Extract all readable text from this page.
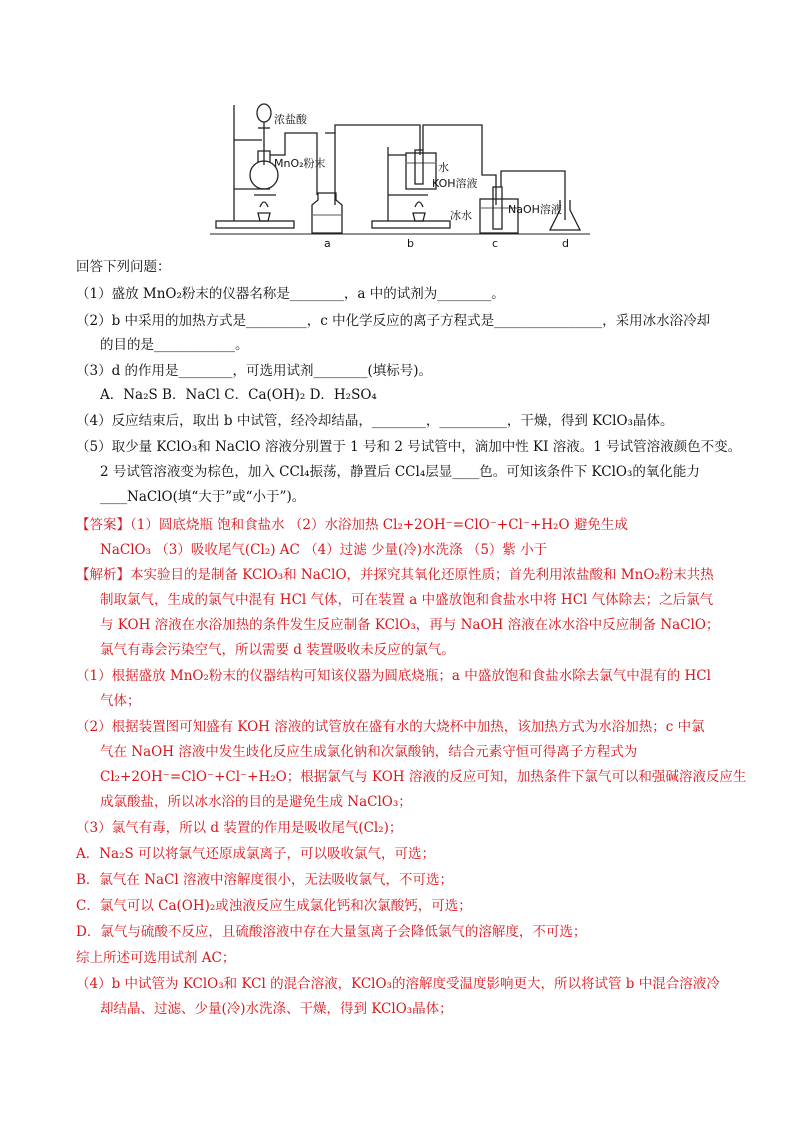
浓盐酸
MnO₂粉末	水
KOH溶液
冰水	NaOH溶液
a	b	c	d
回答下列问题：
（1）盛放 MnO₂粉末的仪器名称是________，a 中的试剂为________。
（2）b 中采用的加热方式是_________，c 中化学反应的离子方程式是________________，采用冰水浴冷却
的目的是____________。
（3）d 的作用是________，可选用试剂________(填标号)。
A．Na₂S B．NaCl C．Ca(OH)₂ D．H₂SO₄
（4）反应结束后，取出 b 中试管，经冷却结晶，________，__________，干燥，得到 KClO₃晶体。
（5）取少量 KClO₃和 NaClO 溶液分别置于 1 号和 2 号试管中，滴加中性 KI 溶液。1 号试管溶液颜色不变。
2 号试管溶液变为棕色，加入 CCl₄振荡，静置后 CCl₄层显____色。可知该条件下 KClO₃的氧化能力
____NaClO(填“大于”或“小于”)。
【答案】（1）圆底烧瓶 饱和食盐水 （2）水浴加热 Cl₂+2OH⁻=ClO⁻+Cl⁻+H₂O 避免生成
NaClO₃ （3）吸收尾气(Cl₂) AC （4）过滤 少量(冷)水洗涤 （5）紫 小于
【解析】本实验目的是制备 KClO₃和 NaClO，并探究其氧化还原性质；首先利用浓盐酸和 MnO₂粉末共热
制取氯气，生成的氯气中混有 HCl 气体，可在装置 a 中盛放饱和食盐水中将 HCl 气体除去；之后氯气
与 KOH 溶液在水浴加热的条件发生反应制备 KClO₃，再与 NaOH 溶液在冰水浴中反应制备 NaClO；
氯气有毒会污染空气，所以需要 d 装置吸收未反应的氯气。
（1）根据盛放 MnO₂粉末的仪器结构可知该仪器为圆底烧瓶；a 中盛放饱和食盐水除去氯气中混有的 HCl
气体；
（2）根据装置图可知盛有 KOH 溶液的试管放在盛有水的大烧杯中加热，该加热方式为水浴加热；c 中氯
气在 NaOH 溶液中发生歧化反应生成氯化钠和次氯酸钠，结合元素守恒可得离子方程式为
Cl₂+2OH⁻=ClO⁻+Cl⁻+H₂O；根据氯气与 KOH 溶液的反应可知，加热条件下氯气可以和强碱溶液反应生
成氯酸盐，所以冰水浴的目的是避免生成 NaClO₃；
（3）氯气有毒，所以 d 装置的作用是吸收尾气(Cl₂)；
A．Na₂S 可以将氯气还原成氯离子，可以吸收氯气，可选；
B．氯气在 NaCl 溶液中溶解度很小，无法吸收氯气，不可选；
C．氯气可以 Ca(OH)₂或浊液反应生成氯化钙和次氯酸钙，可选；
D．氯气与硫酸不反应，且硫酸溶液中存在大量氢离子会降低氯气的溶解度，不可选；
综上所述可选用试剂 AC；
（4）b 中试管为 KClO₃和 KCl 的混合溶液，KClO₃的溶解度受温度影响更大，所以将试管 b 中混合溶液冷
却结晶、过滤、少量(冷)水洗涤、干燥，得到 KClO₃晶体；
